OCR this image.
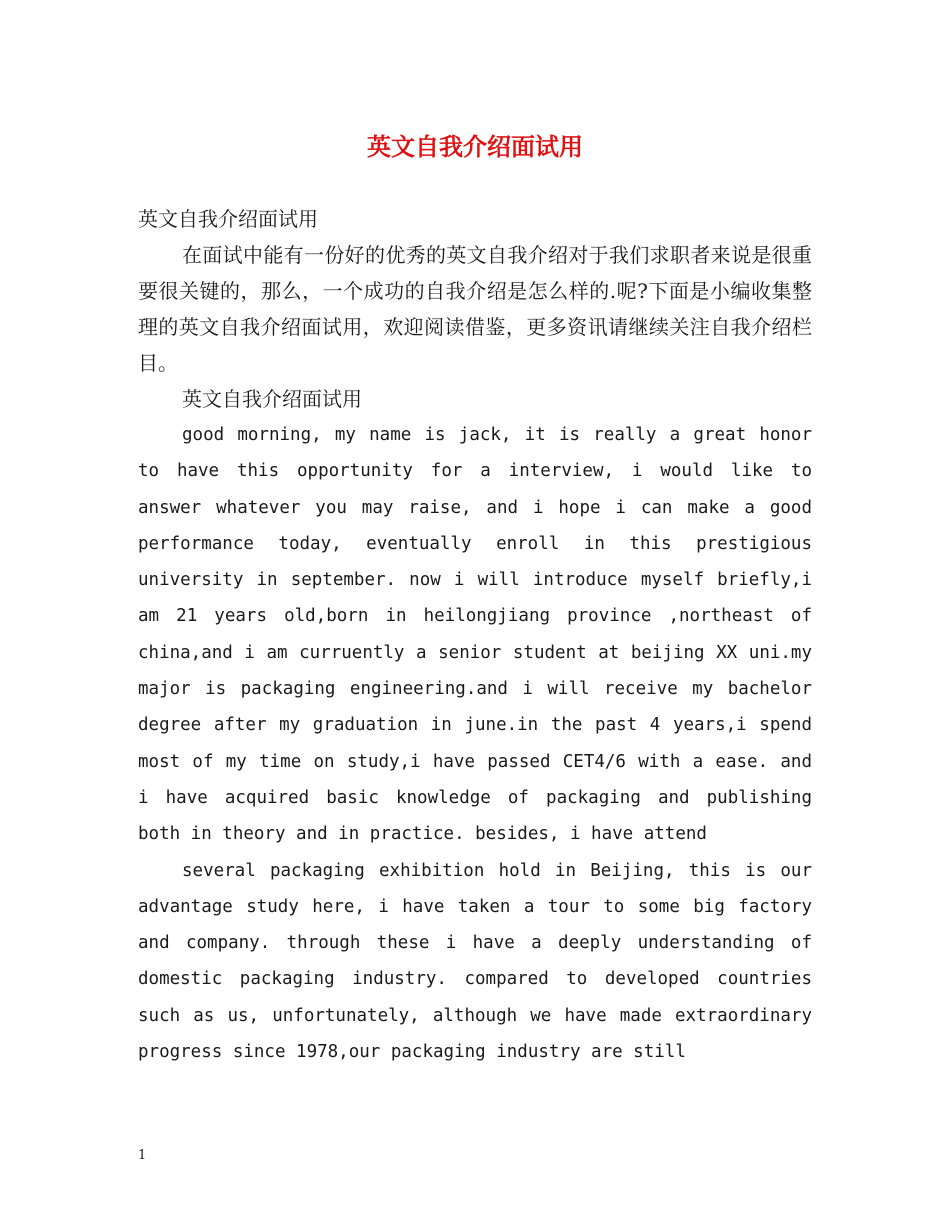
英文自我介绍面试用

英文自我介绍面试用

在面试中能有一份好的优秀的英文自我介绍对于我们求职者来说是很重要很关键的，那么，一个成功的自我介绍是怎么样的.呢?下面是小编收集整理的英文自我介绍面试用，欢迎阅读借鉴，更多资讯请继续关注自我介绍栏目。

英文自我介绍面试用

good morning, my name is jack, it is really a great honor to have this opportunity for a interview, i would like to answer whatever you may raise, and i hope i can make a good performance today, eventually enroll in this prestigious university in september. now i will introduce myself briefly,i am 21 years old,born in heilongjiang province ,northeast of china,and i am curruently a senior student at beijing XX uni.my major is packaging engineering.and i will receive my bachelor degree after my graduation in june.in the past 4 years,i spend most of my time on study,i have passed CET4/6 with a ease. and i have acquired basic knowledge of packaging and publishing both in theory and in practice. besides, i have attend

several packaging exhibition hold in Beijing, this is our advantage study here, i have taken a tour to some big factory and company. through these i have a deeply understanding of domestic packaging industry. compared to developed countries such as us, unfortunately, although we have made extraordinary progress since 1978,our packaging industry are still

1
